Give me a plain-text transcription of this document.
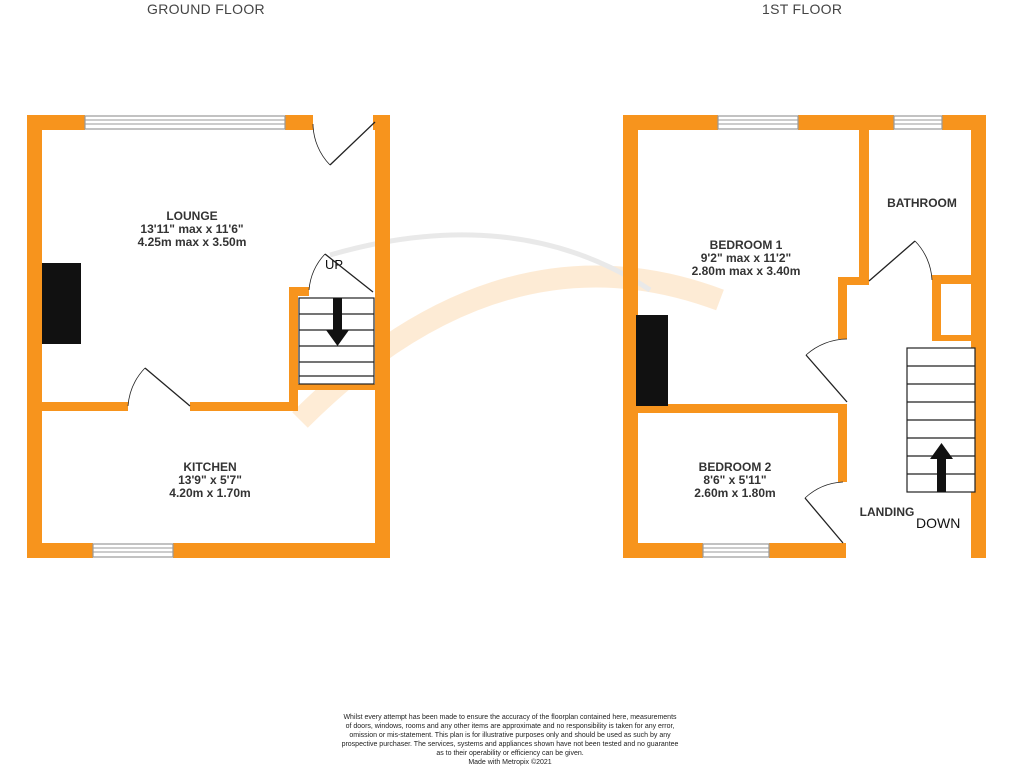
GROUND FLOOR	1ST FLOOR
LOUNGE
13'11" max x 11'6"
4.25m max x 3.50m
KITCHEN
13'9" x 5'7"
4.20m x 1.70m
UP
BEDROOM 1
9'2" max x 11'2"
2.80m max x 3.40m
BATHROOM
BEDROOM 2
8'6" x 5'11"
2.60m x 1.80m
LANDING
DOWN
Whilst every attempt has been made to ensure the accuracy of the floorplan contained here, measurements
of doors, windows, rooms and any other items are approximate and no responsibility is taken for any error,
omission or mis-statement. This plan is for illustrative purposes only and should be used as such by any
prospective purchaser. The services, systems and appliances shown have not been tested and no guarantee
as to their operability or efficiency can be given.
Made with Metropix ©2021
